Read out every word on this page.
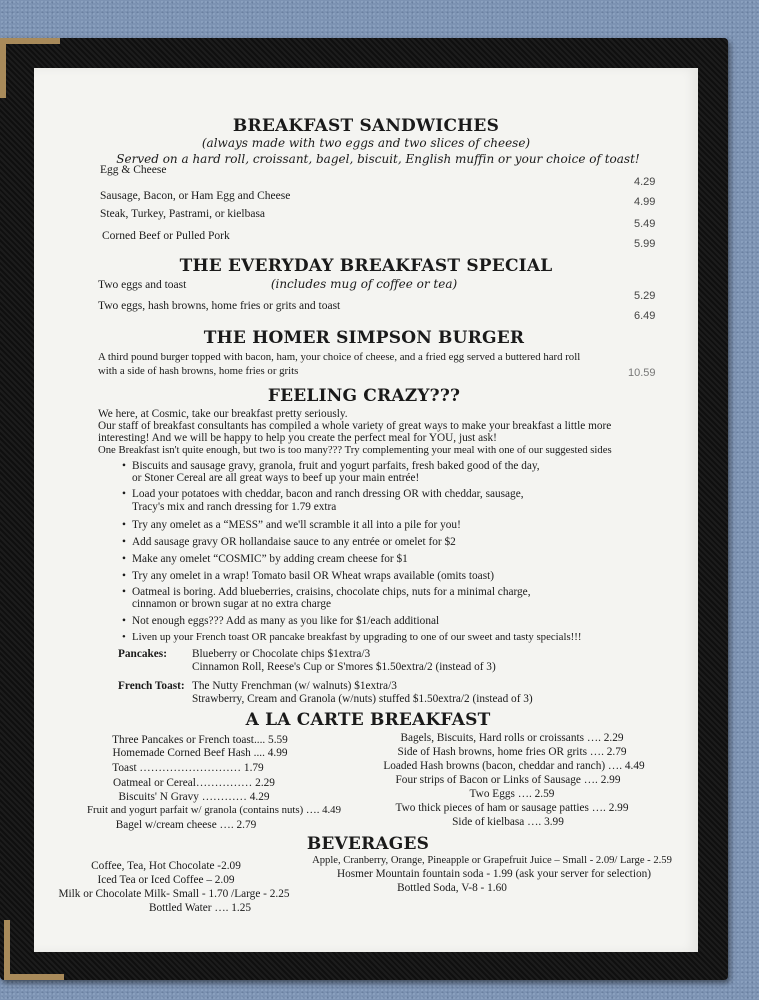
BREAKFAST SANDWICHES
(always made with two eggs and two slices of cheese)
Served on a hard roll, croissant, bagel, biscuit, English muffin or your choice of toast!
Egg & Cheese
4.29
Sausage, Bacon, or Ham Egg and Cheese	4.99
Steak, Turkey, Pastrami, or kielbasa
5.49
Corned Beef or Pulled Pork
5.99
THE EVERYDAY BREAKFAST SPECIAL
(includes mug of coffee or tea)
Two eggs and toast
5.29
Two eggs, hash browns, home fries or grits and toast
6.49
THE HOMER SIMPSON BURGER
A third pound burger topped with bacon, ham, your choice of cheese, and a fried egg served a buttered hard roll
with a side of hash browns, home fries or grits	10.59
FEELING CRAZY???
We here, at Cosmic, take our breakfast pretty seriously.
Our staff of breakfast consultants has compiled a whole variety of great ways to make your breakfast a little more
interesting! And we will be happy to help you create the perfect meal for YOU, just ask!
One Breakfast isn't quite enough, but two is too many??? Try complementing your meal with one of our suggested sides
• Biscuits and sausage gravy, granola, fruit and yogurt parfaits, fresh baked good of the day,
or Stoner Cereal are all great ways to beef up your main entrée!
• Load your potatoes with cheddar, bacon and ranch dressing OR with cheddar, sausage,
Tracy's mix and ranch dressing for 1.79 extra
• Try any omelet as a “MESS” and we'll scramble it all into a pile for you!
• Add sausage gravy OR hollandaise sauce to any entrée or omelet for $2
• Make any omelet “COSMIC” by adding cream cheese for $1
• Try any omelet in a wrap! Tomato basil OR Wheat wraps available (omits toast)
• Oatmeal is boring. Add blueberries, craisins, chocolate chips, nuts for a minimal charge,
cinnamon or brown sugar at no extra charge
• Not enough eggs??? Add as many as you like for $1/each additional
• Liven up your French toast OR pancake breakfast by upgrading to one of our sweet and tasty specials!!!
Pancakes: Blueberry or Chocolate chips $1extra/3
Cinnamon Roll, Reese's Cup or S'mores $1.50extra/2 (instead of 3)
French Toast: The Nutty Frenchman (w/ walnuts) $1extra/3
Strawberry, Cream and Granola (w/nuts) stuffed $1.50extra/2 (instead of 3)
A LA CARTE BREAKFAST
Three Pancakes or French toast.... 5.59
Homemade Corned Beef Hash .... 4.99
Toast ……………………… 1.79
Oatmeal or Cereal…………… 2.29
Biscuits' N Gravy ………… 4.29
Fruit and yogurt parfait w/ granola (contains nuts) …. 4.49
Bagel w/cream cheese …. 2.79
Bagels, Biscuits, Hard rolls or croissants …. 2.29
Side of Hash browns, home fries OR grits …. 2.79
Loaded Hash browns (bacon, cheddar and ranch) …. 4.49
Four strips of Bacon or Links of Sausage …. 2.99
Two Eggs …. 2.59
Two thick pieces of ham or sausage patties …. 2.99
Side of kielbasa …. 3.99
BEVERAGES
Coffee, Tea, Hot Chocolate -2.09
Iced Tea or Iced Coffee – 2.09
Milk or Chocolate Milk- Small - 1.70 /Large - 2.25
Bottled Water …. 1.25
Apple, Cranberry, Orange, Pineapple or Grapefruit Juice – Small - 2.09/ Large - 2.59
Hosmer Mountain fountain soda - 1.99 (ask your server for selection)
Bottled Soda, V-8 - 1.60
